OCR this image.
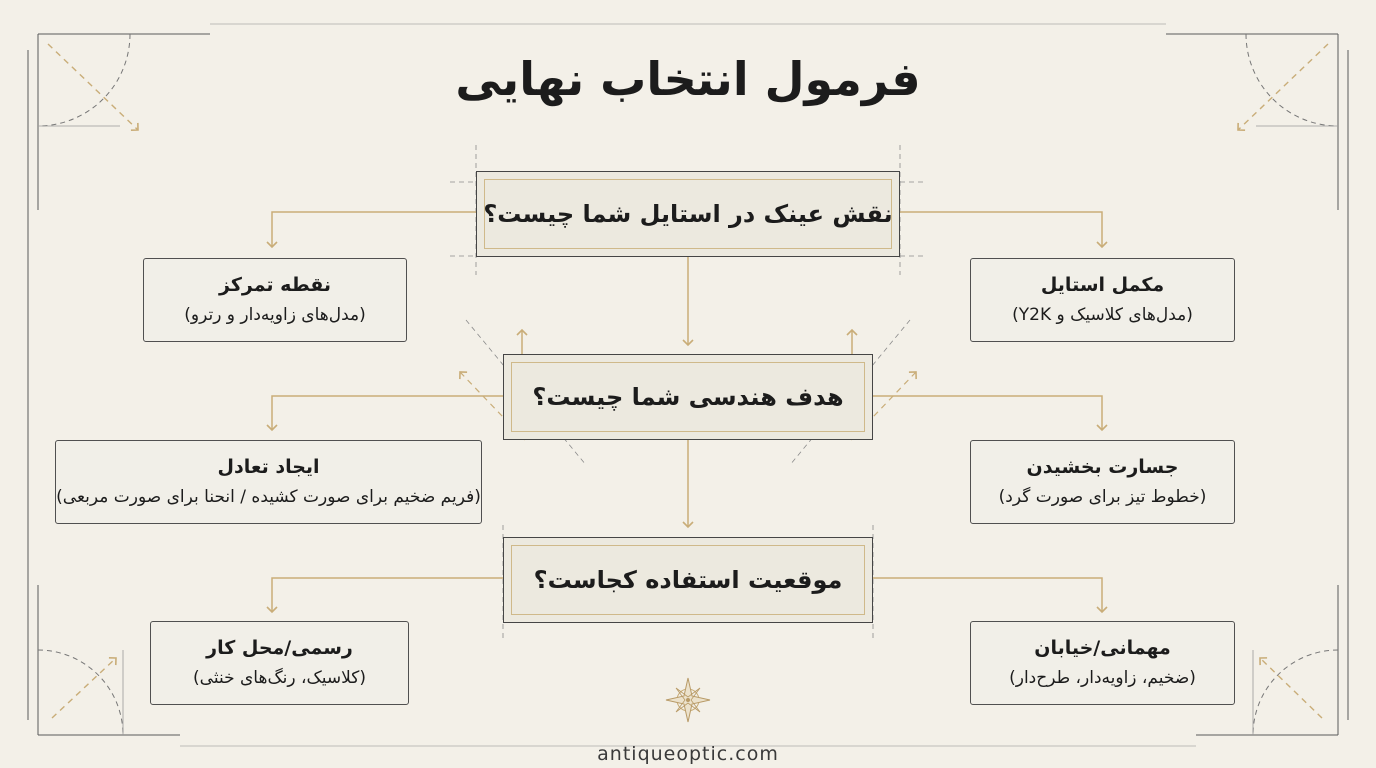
فرمول انتخاب نهایی
نقش عینک در استایل شما چیست؟
هدف هندسی شما چیست؟
موقعیت استفاده کجاست؟
نقطه تمرکز
(مدل‌های زاویه‌دار و رترو)
مکمل استایل
(مدل‌های کلاسیک و Y2K)
ایجاد تعادل
(فریم ضخیم برای صورت کشیده / انحنا برای صورت مربعی)
جسارت بخشیدن
(خطوط تیز برای صورت گرد)
رسمی/محل کار
(کلاسیک، رنگ‌های خنثی)
مهمانی/خیابان
(ضخیم، زاویه‌دار، طرح‌دار)
antiqueoptic.com
